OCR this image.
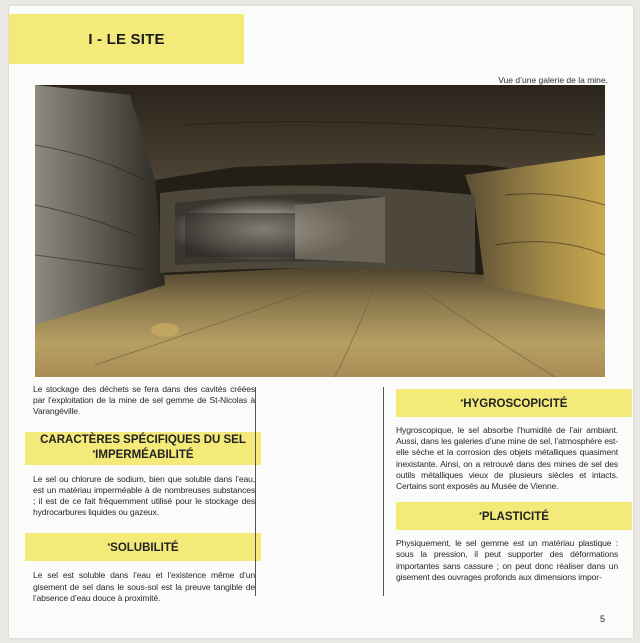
I - LE SITE
Vue d’une galerie de la mine.

Le stockage des déchets se fera dans des cavités créées par l’exploitation de la mine de sel gemme de St-Nicolas à Varangéville.

CARACTÈRES SPÉCIFIQUES DU SEL
*IMPERMÉABILITÉ

Le sel ou chlorure de sodium, bien que soluble dans l’eau, est un matériau imperméable à de nombreuses substances ; il est de ce fait fréquemment utilisé pour le stockage des hydrocarbures liquides ou gazeux.

*SOLUBILITÉ

Le sel est soluble dans l’eau et l’existence même d’un gisement de sel dans le sous-sol est la preuve tangible de l’absence d’eau douce à proximité.

*HYGROSCOPICITÉ

Hygroscopique, le sel absorbe l’humidité de l’air ambiant. Aussi, dans les galeries d’une mine de sel, l’atmosphère est-elle sèche et la corrosion des objets métalliques quasiment inexistante. Ainsi, on a retrouvé dans des mines de sel des outils métalliques vieux de plusieurs siècles et intacts. Certains sont exposés au Musée de Vienne.

*PLASTICITÉ

Physiquement, le sel gemme est un matériau plastique : sous la pression, il peut supporter des déformations importantes sans cassure ; on peut donc réaliser dans un gisement des ouvrages profonds aux dimensions impor-

5
